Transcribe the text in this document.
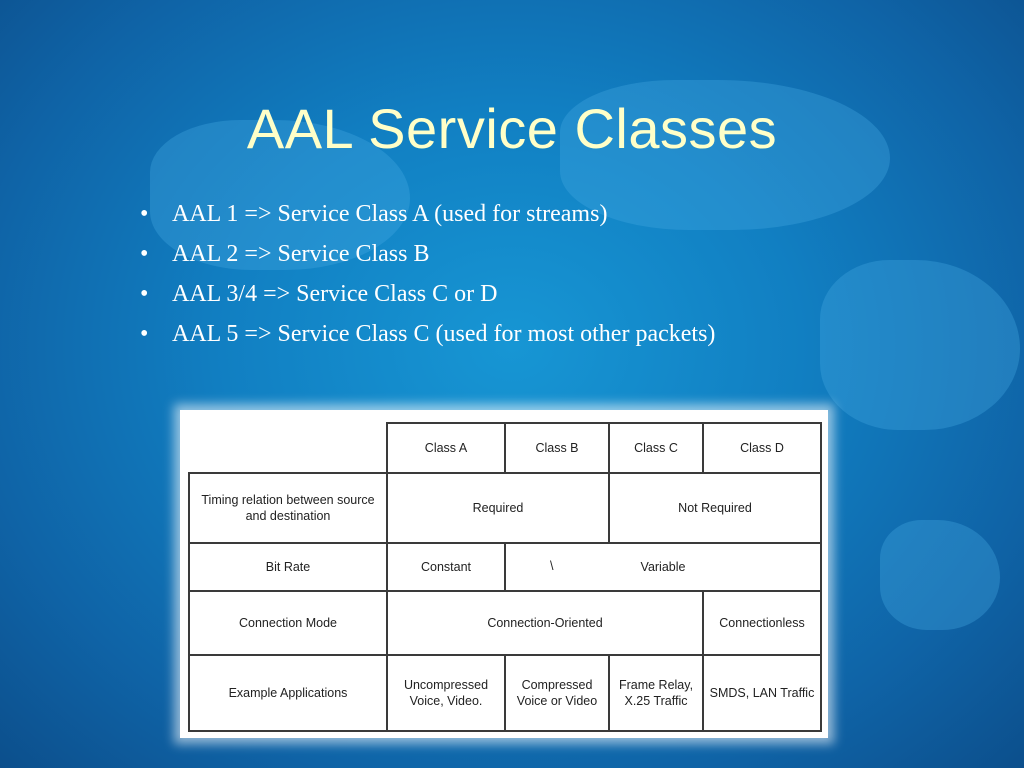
AAL Service Classes
• AAL 1 => Service Class A (used for streams)
• AAL 2 => Service Class B
• AAL 3/4 => Service Class C or D
• AAL 5 => Service Class C (used for most other packets)
	Class A	Class B	Class C	Class D
Timing relation between source and destination	Required		Not Required	
Bit Rate	Constant	\ Variable		
Connection Mode	Connection-Oriented			Connectionless
Example Applications	Uncompressed Voice, Video.	Compressed Voice or Video	Frame Relay, X.25 Traffic	SMDS, LAN Traffic
